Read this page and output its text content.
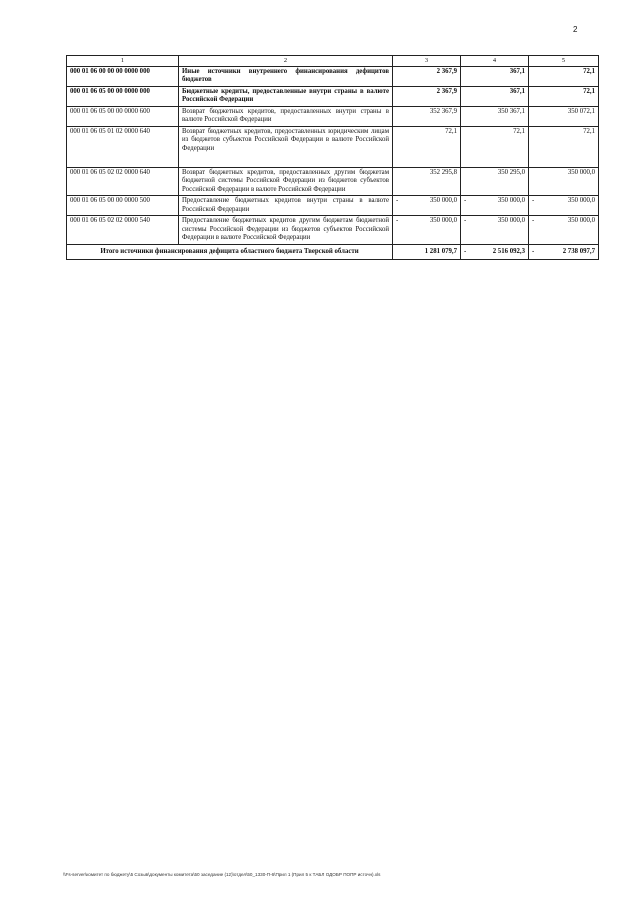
2
1	2	3	4	5
000 01 06 00 00 00 0000 000	Иные источники внутреннего финансирования дефицитов бюджетов	2 367,9	367,1	72,1
000 01 06 05 00 00 0000 000	Бюджетные кредиты, предоставленные внутри страны в валюте Российской Федерации	2 367,9	367,1	72,1
000 01 06 05 00 00 0000 600	Возврат бюджетных кредитов, предоставленных внутри страны в валюте Российской Федерации	352 367,9	350 367,1	350 072,1
000 01 06 05 01 02 0000 640	Возврат бюджетных кредитов, предоставленных юридическим лицам из бюджетов субъектов Российской Федерации в валюте Российской Федерации	72,1	72,1	72,1
000 01 06 05 02 02 0000 640	Возврат бюджетных кредитов, предоставленных другим бюджетам бюджетной системы Российской Федерации из бюджетов субъектов Российской Федерации в валюте Российской Федерации	352 295,8	350 295,0	350 000,0
000 01 06 05 00 00 0000 500	Предоставление бюджетных кредитов внутри страны в валюте Российской Федерации	- 350 000,0	- 350 000,0	- 350 000,0
000 01 06 05 02 02 0000 540	Предоставление бюджетных кредитов другим бюджетам бюджетной системы Российской Федерации из бюджетов субъектов Российской Федерации в валюте Российской Федерации	- 350 000,0	- 350 000,0	- 350 000,0
Итого источники финансирования дефицита областного бюджета Тверской области		1 281 079,7	- 2 516 092,3	- 2 738 097,7
\\Fs-server\комитет по бюджету\5 Созыв\документы комитета\50 заседание (12)\отдел\50_1330-П-6\Прил 1 (Прил 5 к ТАБЛ ОДОБР ПОПР источн).xls
